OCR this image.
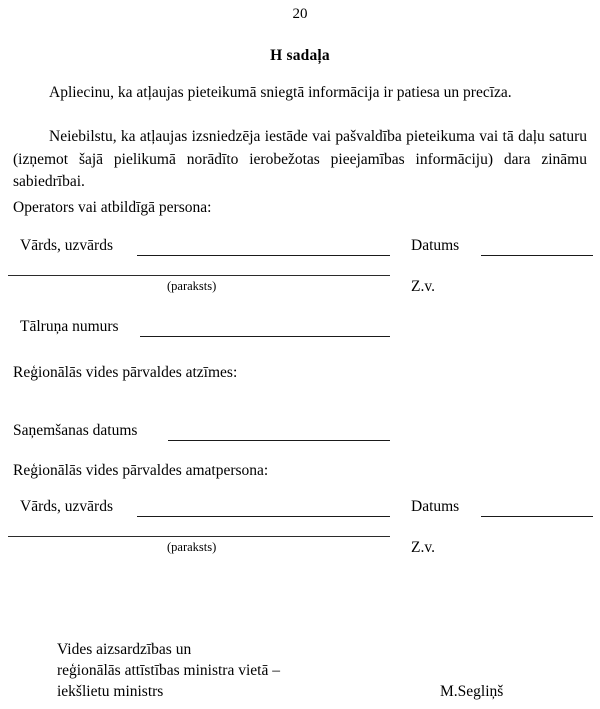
20
H sadaļa
Apliecinu, ka atļaujas pieteikumā sniegtā informācija ir patiesa un precīza.
Neiebilstu, ka atļaujas izsniedzēja iestāde vai pašvaldība pieteikuma vai tā daļu saturu (izņemot šajā pielikumā norādīto ierobežotas pieejamības informāciju) dara zināmu sabiedrībai.
Operators vai atbildīgā persona:
Vārds, uzvārds	Datums
(paraksts)	Z.v.
Tālruņa numurs
Reģionālās vides pārvaldes atzīmes:
Saņemšanas datums
Reģionālās vides pārvaldes amatpersona:
Vārds, uzvārds	Datums
(paraksts)	Z.v.
Vides aizsardzības un
reģionālās attīstības ministra vietā –
iekšlietu ministrs	M.Segliņš
